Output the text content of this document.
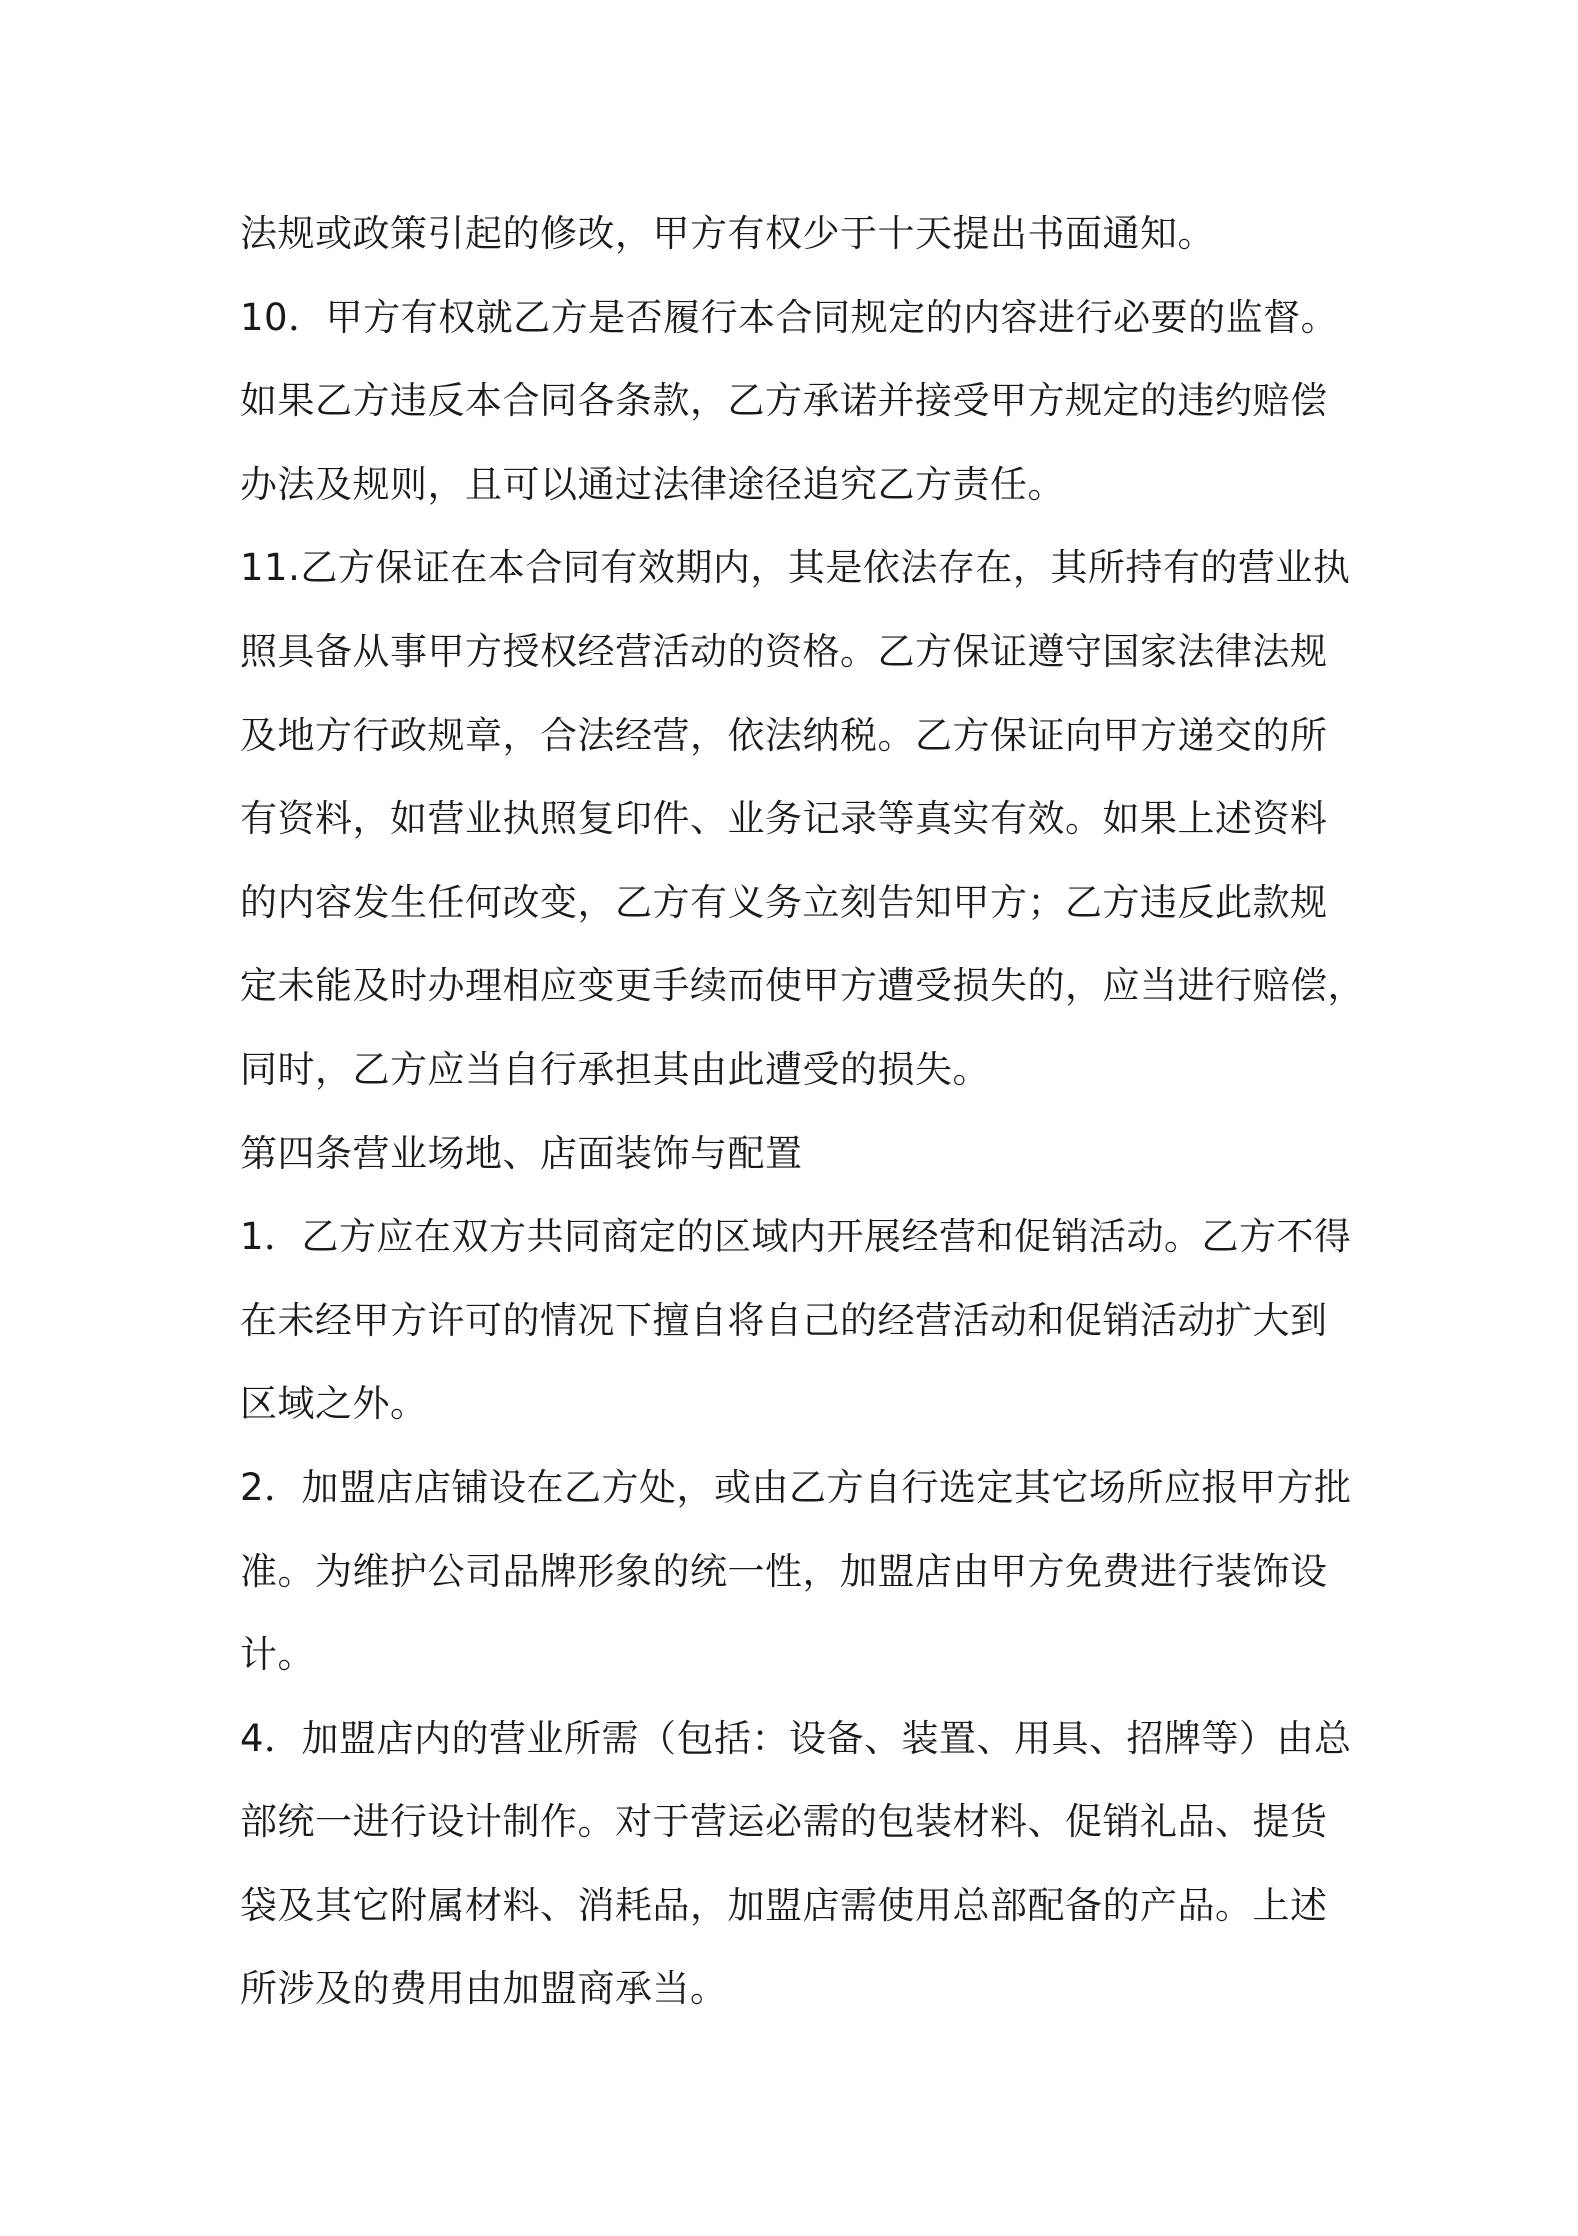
法规或政策引起的修改，甲方有权少于十天提出书面通知。
10．甲方有权就乙方是否履行本合同规定的内容进行必要的监督。
如果乙方违反本合同各条款，乙方承诺并接受甲方规定的违约赔偿
办法及规则，且可以通过法律途径追究乙方责任。
11.乙方保证在本合同有效期内，其是依法存在，其所持有的营业执
照具备从事甲方授权经营活动的资格。乙方保证遵守国家法律法规
及地方行政规章，合法经营，依法纳税。乙方保证向甲方递交的所
有资料，如营业执照复印件、业务记录等真实有效。如果上述资料
的内容发生任何改变，乙方有义务立刻告知甲方；乙方违反此款规
定未能及时办理相应变更手续而使甲方遭受损失的，应当进行赔偿，
同时，乙方应当自行承担其由此遭受的损失。
第四条营业场地、店面装饰与配置
1．乙方应在双方共同商定的区域内开展经营和促销活动。乙方不得
在未经甲方许可的情况下擅自将自己的经营活动和促销活动扩大到
区域之外。
2．加盟店店铺设在乙方处，或由乙方自行选定其它场所应报甲方批
准。为维护公司品牌形象的统一性，加盟店由甲方免费进行装饰设
计。
4．加盟店内的营业所需（包括：设备、装置、用具、招牌等）由总
部统一进行设计制作。对于营运必需的包装材料、促销礼品、提货
袋及其它附属材料、消耗品，加盟店需使用总部配备的产品。上述
所涉及的费用由加盟商承当。
